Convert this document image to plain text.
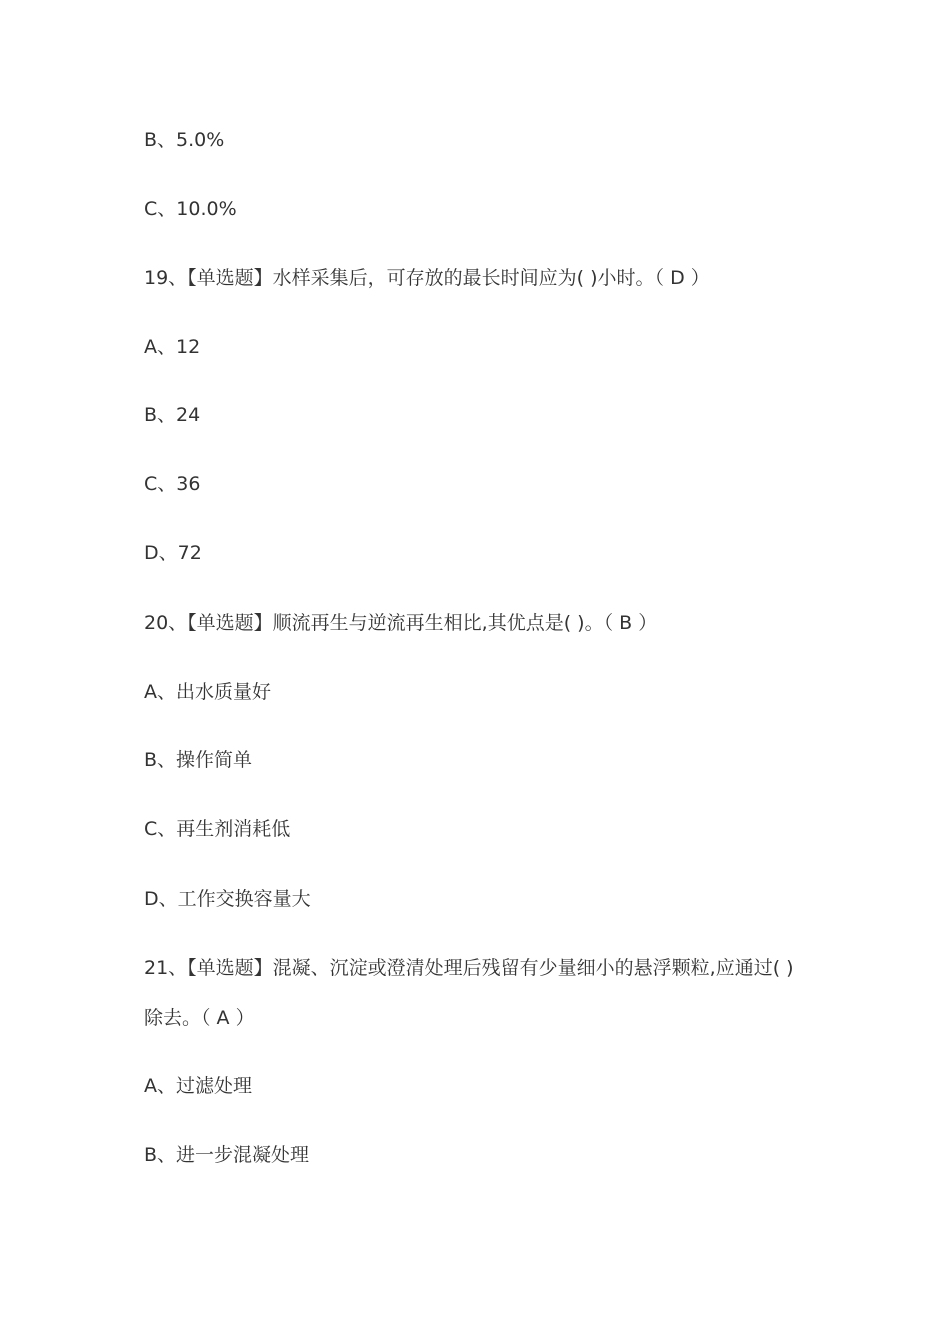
B、5.0%
C、10.0%
19、【单选题】水样采集后，可存放的最长时间应为( )小时。（ D ）
A、12
B、24
C、36
D、72
20、【单选题】顺流再生与逆流再生相比,其优点是( )。（ B ）
A、出水质量好
B、操作简单
C、再生剂消耗低
D、工作交换容量大
21、【单选题】混凝、沉淀或澄清处理后残留有少量细小的悬浮颗粒,应通过( )
除去。（ A ）
A、过滤处理
B、进一步混凝处理
